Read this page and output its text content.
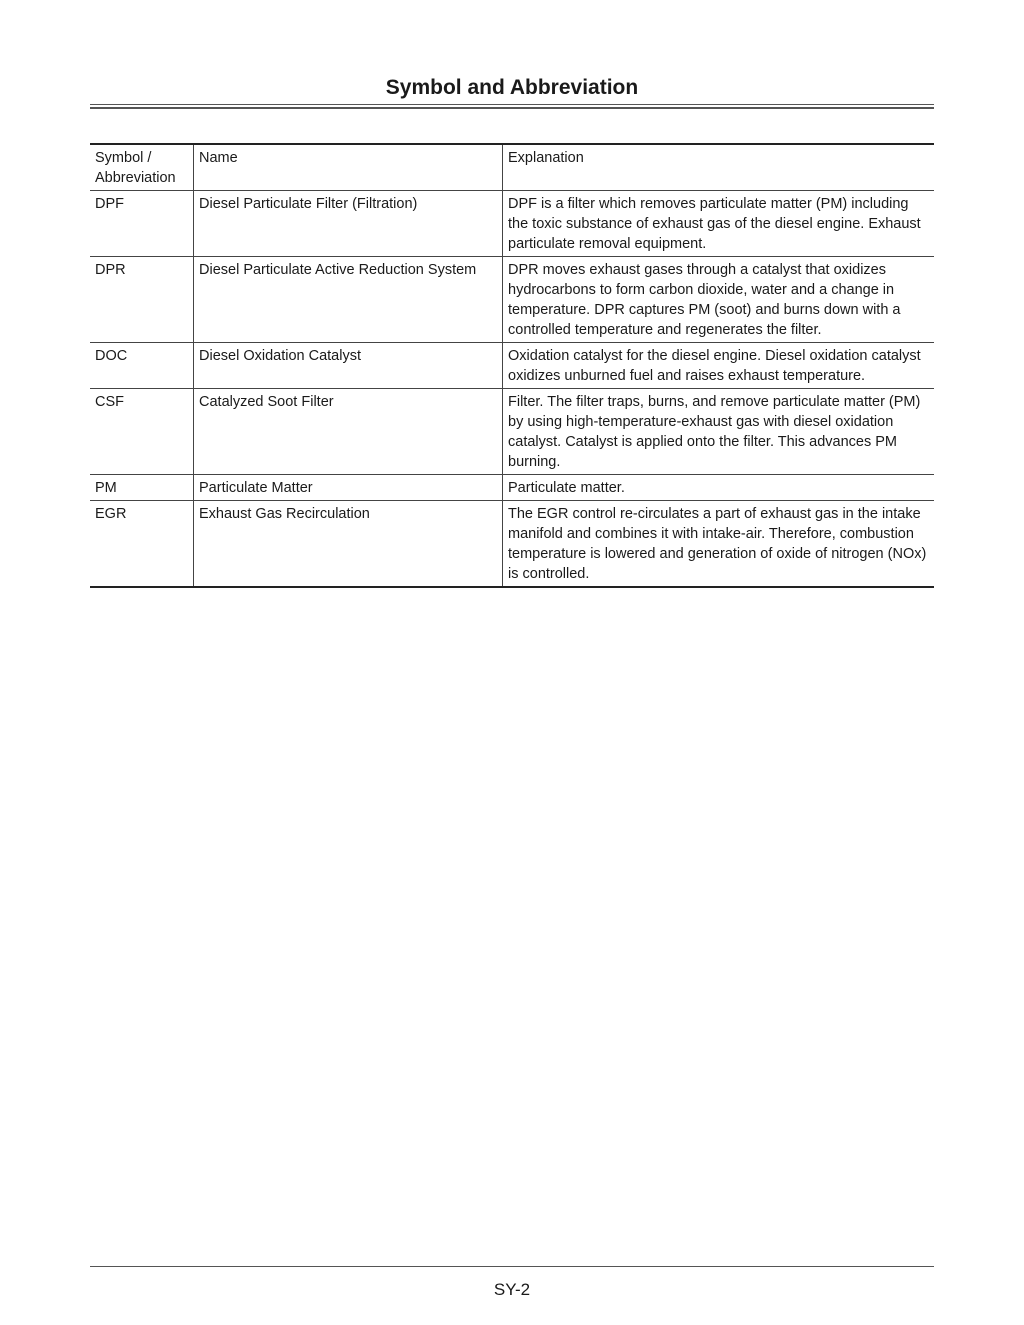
Symbol and Abbreviation
Symbol / Abbreviation	Name	Explanation
DPF	Diesel Particulate Filter (Filtration)	DPF is a filter which removes particulate matter (PM) including the toxic substance of exhaust gas of the diesel engine. Exhaust particulate removal equipment.
DPR	Diesel Particulate Active Reduction System	DPR moves exhaust gases through a catalyst that oxidizes hydrocarbons to form carbon dioxide, water and a change in temperature. DPR captures PM (soot) and burns down with a controlled temperature and regenerates the filter.
DOC	Diesel Oxidation Catalyst	Oxidation catalyst for the diesel engine. Diesel oxidation catalyst oxidizes unburned fuel and raises exhaust temperature.
CSF	Catalyzed Soot Filter	Filter. The filter traps, burns, and remove particulate matter (PM) by using high-temperature-exhaust gas with diesel oxidation catalyst. Catalyst is applied onto the filter. This advances PM burning.
PM	Particulate Matter	Particulate matter.
EGR	Exhaust Gas Recirculation	The EGR control re-circulates a part of exhaust gas in the intake manifold and combines it with intake-air. Therefore, combustion temperature is lowered and generation of oxide of nitrogen (NOx) is controlled.
SY-2
